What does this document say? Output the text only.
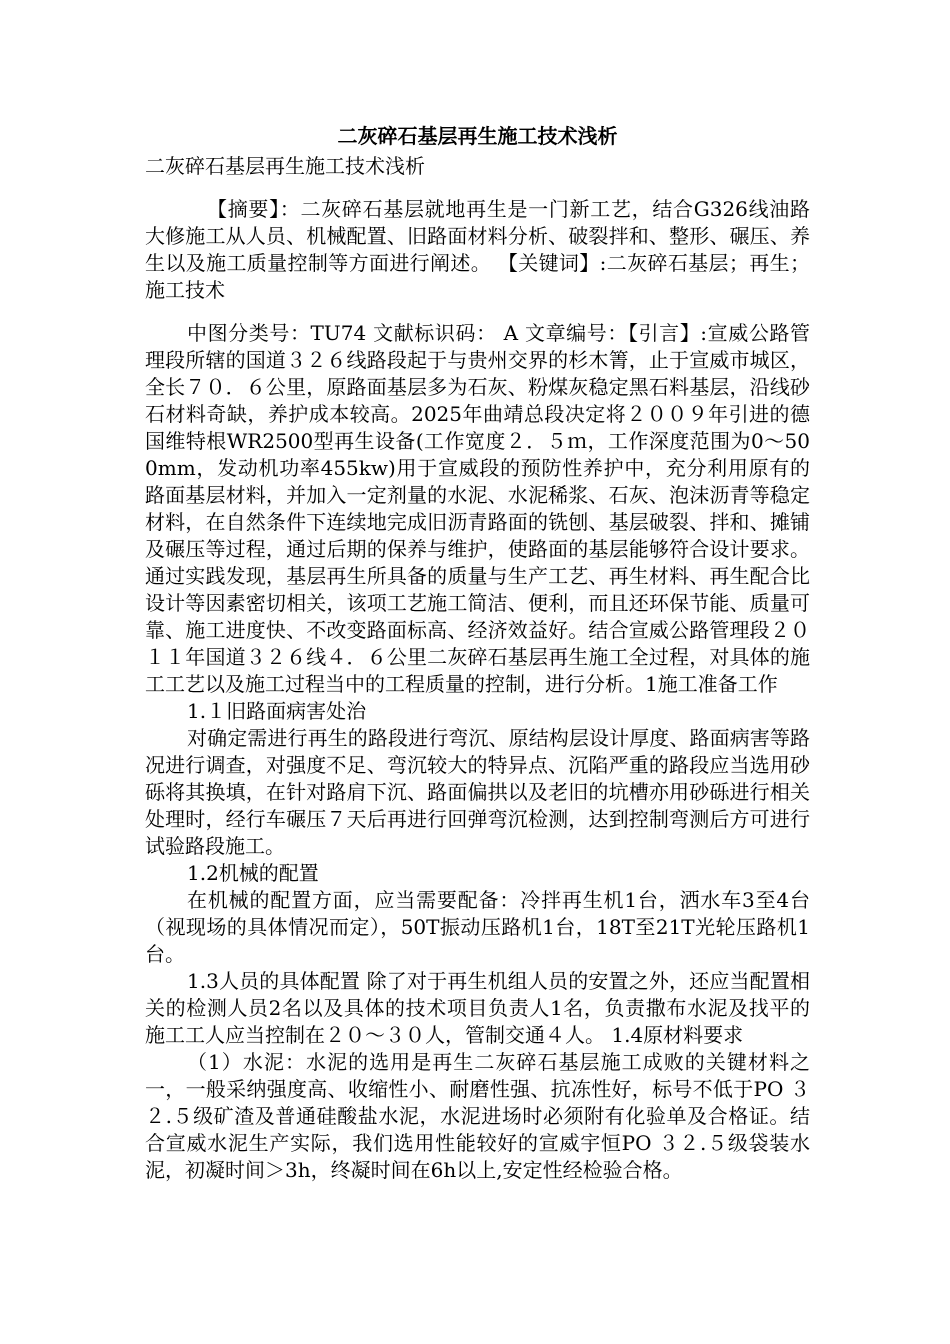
二灰碎石基层再生施工技术浅析

二灰碎石基层再生施工技术浅析

【摘要】：二灰碎石基层就地再生是一门新工艺，结合G326线油路大修施工从人员、机械配置、旧路面材料分析、破裂拌和、整形、碾压、养生以及施工质量控制等方面进行阐述。 【关键词】:二灰碎石基层；再生；施工技术

中图分类号：TU74 文献标识码： A 文章编号：【引言】:宣威公路管理段所辖的国道３２６线路段起于与贵州交界的杉木箐，止于宣威市城区，全长７０．６公里，原路面基层多为石灰、粉煤灰稳定黑石料基层，沿线砂石材料奇缺，养护成本较高。2025年曲靖总段决定将２００９年引进的德国维特根WR2500型再生设备(工作宽度２．５ｍ，工作深度范围为0～500mm，发动机功率455kw)用于宣威段的预防性养护中，充分利用原有的路面基层材料，并加入一定剂量的水泥、水泥稀浆、石灰、泡沫沥青等稳定材料，在自然条件下连续地完成旧沥青路面的铣刨、基层破裂、拌和、摊铺及碾压等过程，通过后期的保养与维护，使路面的基层能够符合设计要求。通过实践发现，基层再生所具备的质量与生产工艺、再生材料、再生配合比设计等因素密切相关，该项工艺施工简洁、便利，而且还环保节能、质量可靠、施工进度快、不改变路面标高、经济效益好。结合宣威公路管理段２０１１年国道３２６线４．６公里二灰碎石基层再生施工全过程，对具体的施工工艺以及施工过程当中的工程质量的控制，进行分析。1施工准备工作

1.１旧路面病害处治

对确定需进行再生的路段进行弯沉、原结构层设计厚度、路面病害等路况进行调查，对强度不足、弯沉较大的特异点、沉陷严重的路段应当选用砂砾将其换填，在针对路肩下沉、路面偏拱以及老旧的坑槽亦用砂砾进行相关处理时，经行车碾压７天后再进行回弹弯沉检测，达到控制弯测后方可进行试验路段施工。

1.2机械的配置

在机械的配置方面，应当需要配备：冷拌再生机1台，洒水车3至4台（视现场的具体情况而定），50T振动压路机1台，18T至21T光轮压路机1台。

1.3人员的具体配置 除了对于再生机组人员的安置之外，还应当配置相关的检测人员2名以及具体的技术项目负责人1名，负责撒布水泥及找平的施工工人应当控制在２０～３０人，管制交通４人。 1.4原材料要求

（1）水泥：水泥的选用是再生二灰碎石基层施工成败的关键材料之一，一般采纳强度高、收缩性小、耐磨性强、抗冻性好，标号不低于PO ３２.５级矿渣及普通硅酸盐水泥，水泥进场时必须附有化验单及合格证。结合宣威水泥生产实际，我们选用性能较好的宣威宇恒PO ３２.５级袋装水泥，初凝时间＞3h，终凝时间在6h以上,安定性经检验合格。
